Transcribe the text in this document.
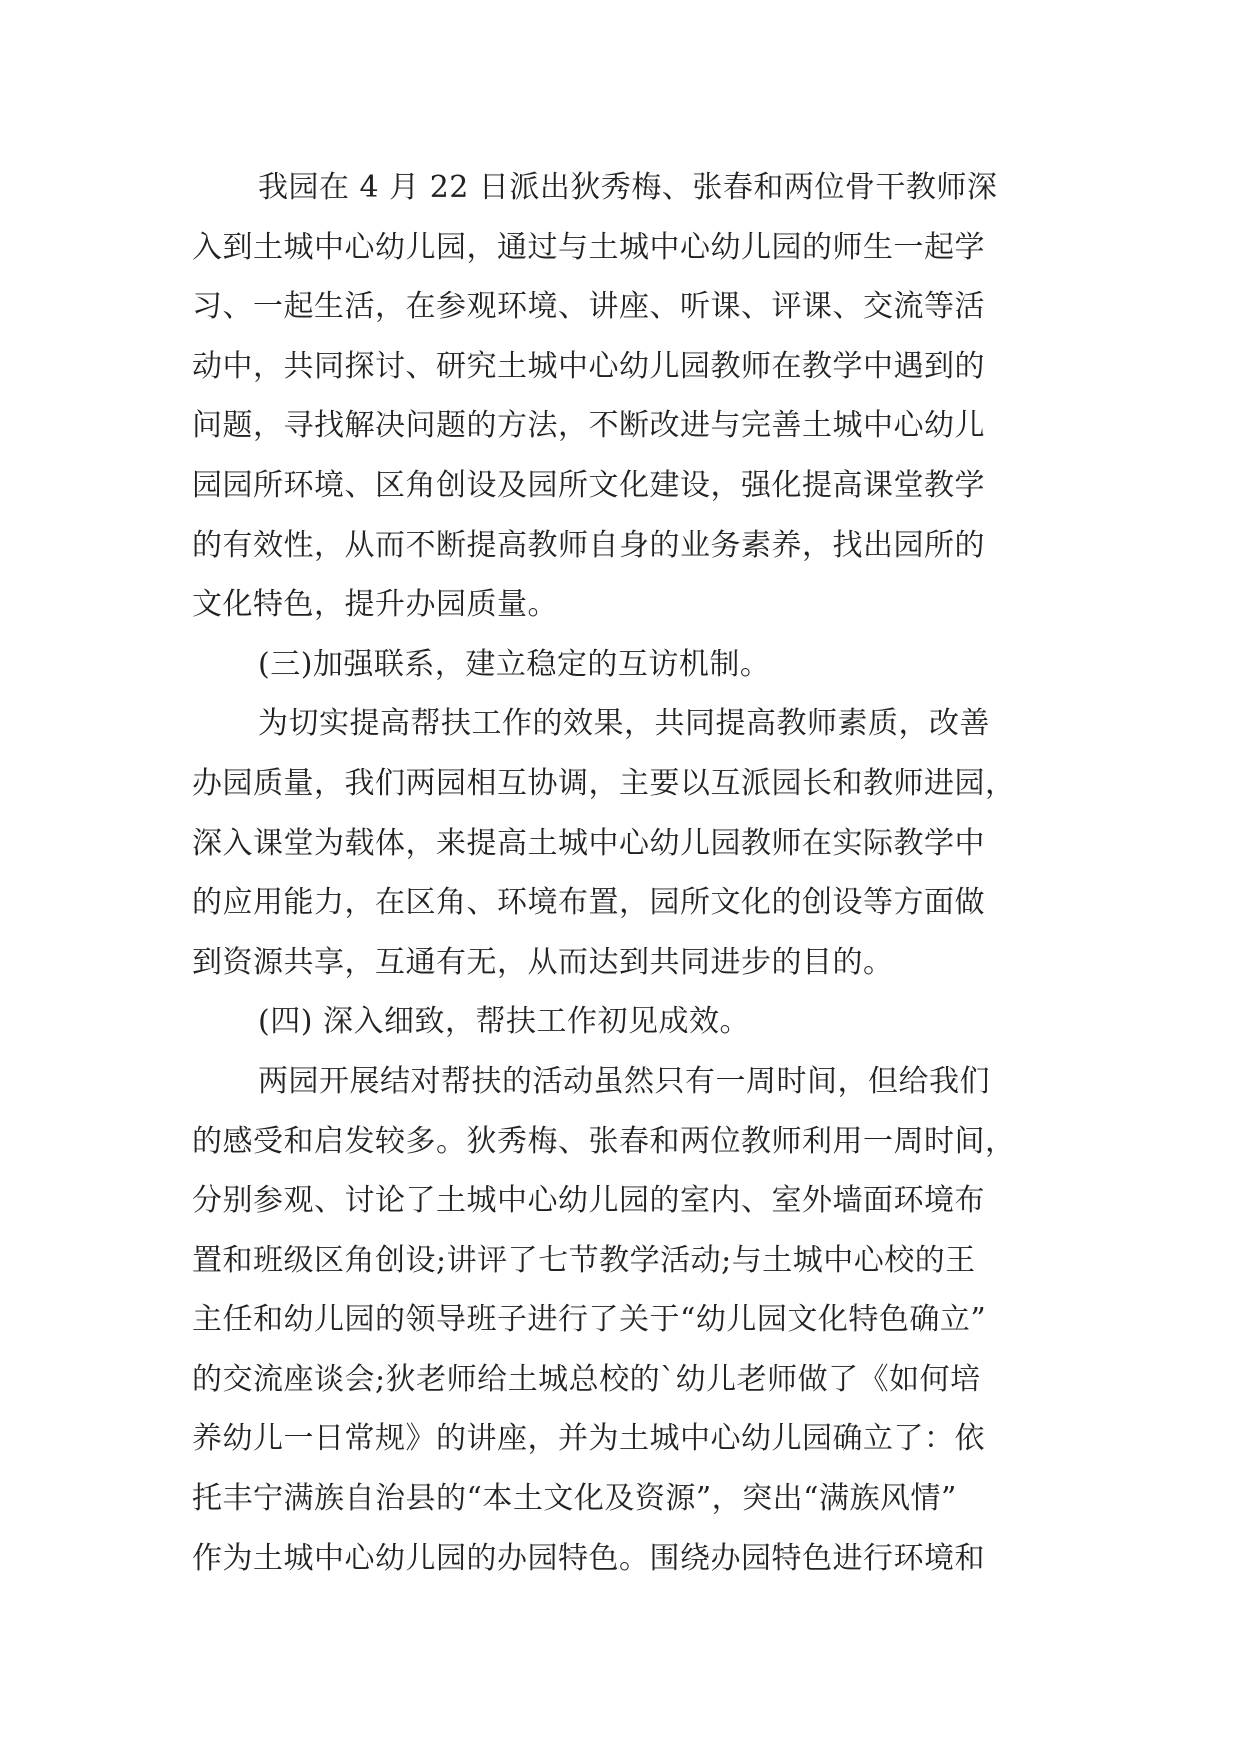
我园在 4 月 22 日派出狄秀梅、张春和两位骨干教师深
入到土城中心幼儿园，通过与土城中心幼儿园的师生一起学
习、一起生活，在参观环境、讲座、听课、评课、交流等活
动中，共同探讨、研究土城中心幼儿园教师在教学中遇到的
问题，寻找解决问题的方法，不断改进与完善土城中心幼儿
园园所环境、区角创设及园所文化建设，强化提高课堂教学
的有效性，从而不断提高教师自身的业务素养，找出园所的
文化特色，提升办园质量。
(三)加强联系，建立稳定的互访机制。
为切实提高帮扶工作的效果，共同提高教师素质，改善
办园质量，我们两园相互协调，主要以互派园长和教师进园，
深入课堂为载体，来提高土城中心幼儿园教师在实际教学中
的应用能力，在区角、环境布置，园所文化的创设等方面做
到资源共享，互通有无，从而达到共同进步的目的。
(四) 深入细致，帮扶工作初见成效。
两园开展结对帮扶的活动虽然只有一周时间，但给我们
的感受和启发较多。狄秀梅、张春和两位教师利用一周时间，
分别参观、讨论了土城中心幼儿园的室内、室外墙面环境布
置和班级区角创设;讲评了七节教学活动;与土城中心校的王
主任和幼儿园的领导班子进行了关于“幼儿园文化特色确立”
的交流座谈会;狄老师给土城总校的`幼儿老师做了《如何培
养幼儿一日常规》的讲座，并为土城中心幼儿园确立了：依
托丰宁满族自治县的“本土文化及资源”，突出“满族风情”
作为土城中心幼儿园的办园特色。围绕办园特色进行环境和
